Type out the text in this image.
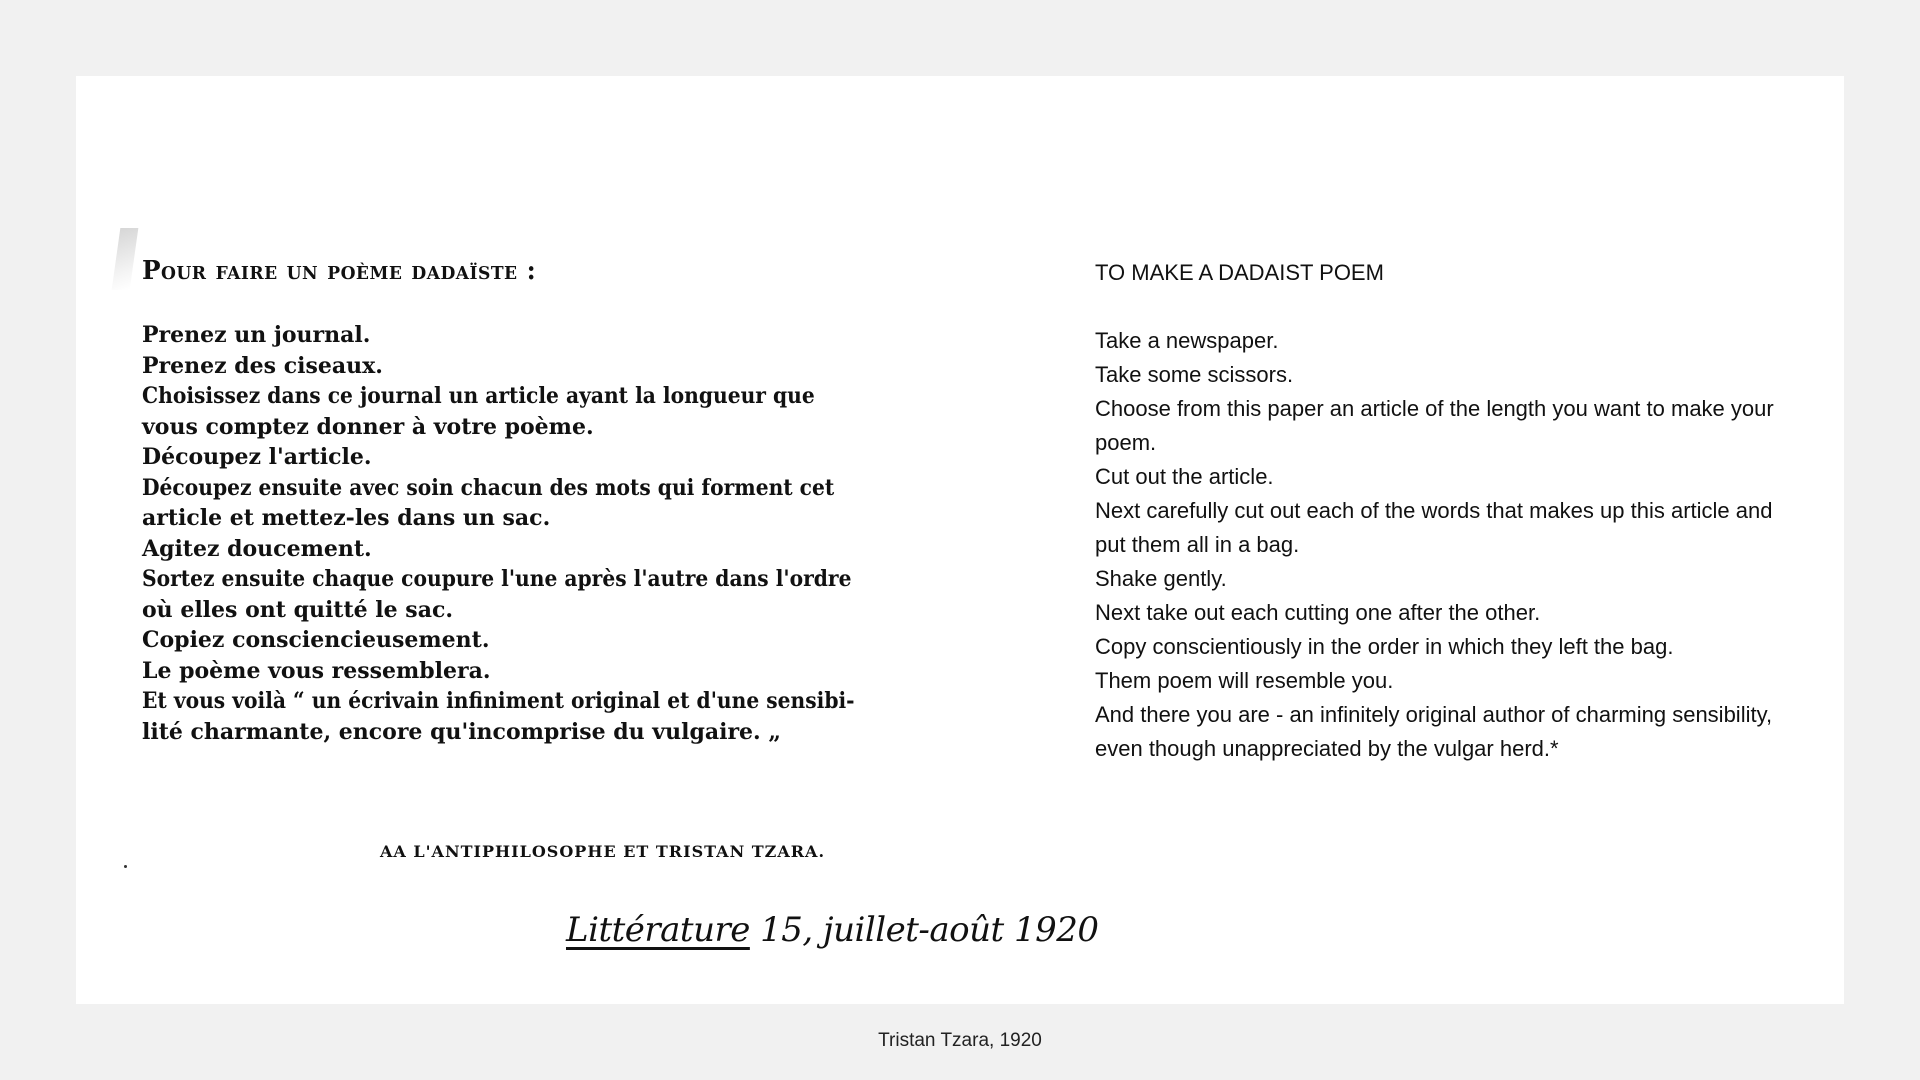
Pour faire un poème dadaïste :
Prenez un journal.
Prenez des ciseaux.
Choisissez dans ce journal un article ayant la longueur que
vous comptez donner à votre poème.
Découpez l'article.
Découpez ensuite avec soin chacun des mots qui forment cet
article et mettez-les dans un sac.
Agitez doucement.
Sortez ensuite chaque coupure l'une après l'autre dans l'ordre
où elles ont quitté le sac.
Copiez consciencieusement.
Le poème vous ressemblera.
Et vous voilà “ un écrivain infiniment original et d'une sensibi-
lité charmante, encore qu'incomprise du vulgaire. „
AA L'ANTIPHILOSOPHE ET TRISTAN TZARA.
Littérature 15, juillet-août 1920
TO MAKE A DADAIST POEM
Take a newspaper.
Take some scissors.
Choose from this paper an article of the length you want to make your poem.
Cut out the article.
Next carefully cut out each of the words that makes up this article and put them all in a bag.
Shake gently.
Next take out each cutting one after the other.
Copy conscientiously in the order in which they left the bag.
Them poem will resemble you.
And there you are - an infinitely original author of charming sensibility, even though unappreciated by the vulgar herd.*
Tristan Tzara, 1920
